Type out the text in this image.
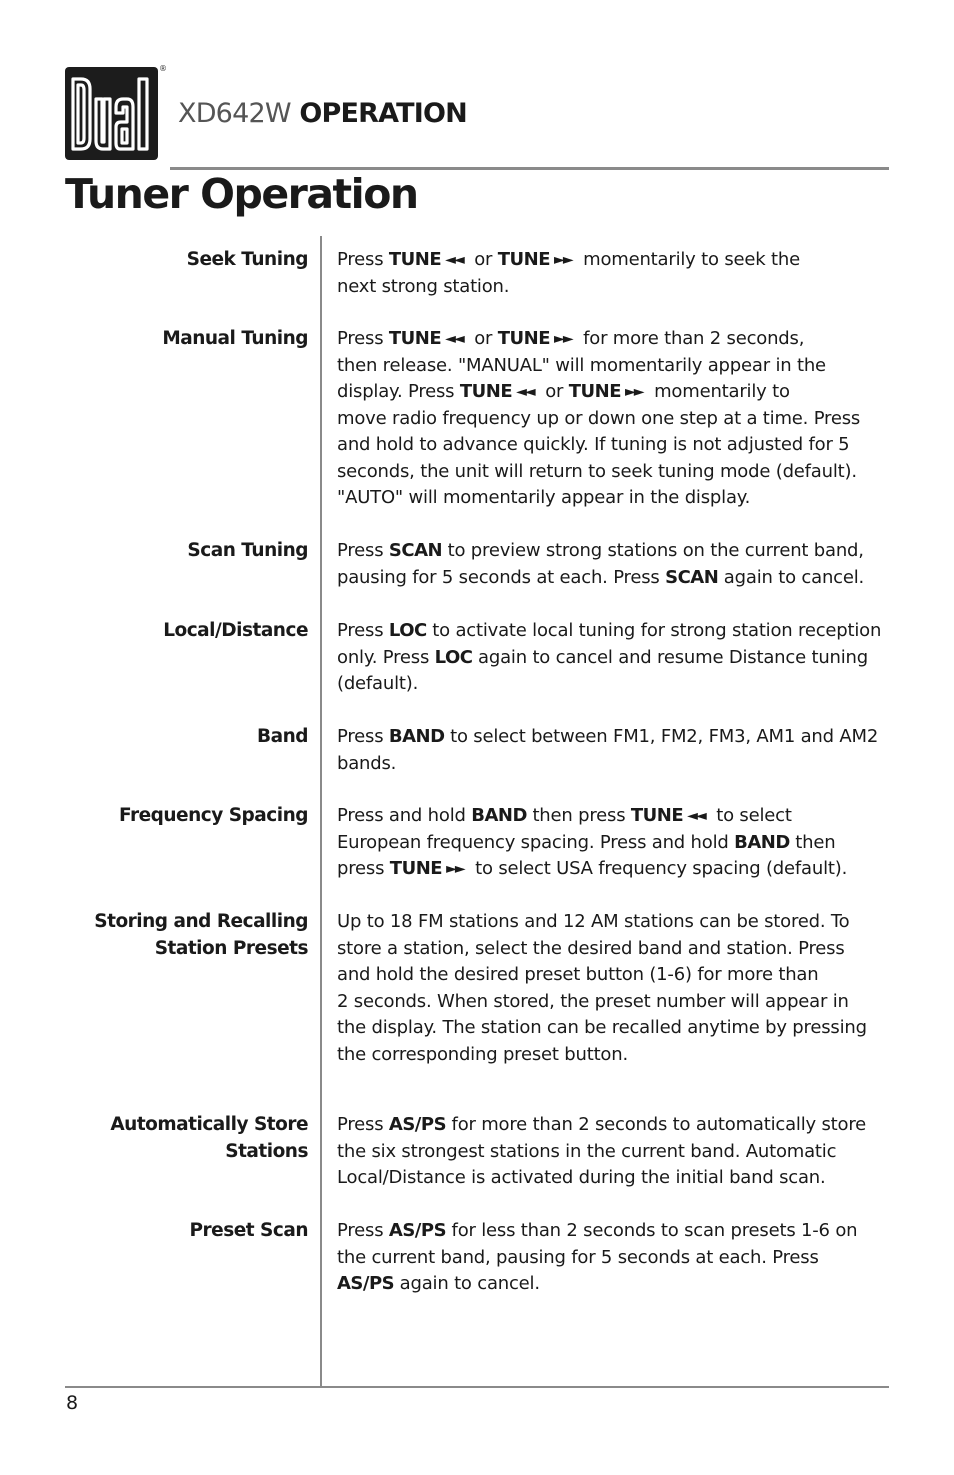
®
XD642W OPERATION
Tuner Operation
Seek Tuning Press TUNE ◄◄ or TUNE ►► momentarily to seek the
next strong station.
Manual Tuning Press TUNE ◄◄ or TUNE ►► for more than 2 seconds,
then release. "MANUAL" will momentarily appear in the
display. Press TUNE ◄◄ or TUNE ►► momentarily to
move radio frequency up or down one step at a time. Press
and hold to advance quickly. If tuning is not adjusted for 5
seconds, the unit will return to seek tuning mode (default).
"AUTO" will momentarily appear in the display.
Scan Tuning Press SCAN to preview strong stations on the current band,
pausing for 5 seconds at each. Press SCAN again to cancel.
Local/Distance Press LOC to activate local tuning for strong station reception
only. Press LOC again to cancel and resume Distance tuning
(default).
Band Press BAND to select between FM1, FM2, FM3, AM1 and AM2
bands.
Frequency Spacing Press and hold BAND then press TUNE ◄◄ to select
European frequency spacing. Press and hold BAND then
press TUNE ►► to select USA frequency spacing (default).
Storing and Recalling
Station Presets
Up to 18 FM stations and 12 AM stations can be stored. To
store a station, select the desired band and station. Press
and hold the desired preset button (1-6) for more than
2 seconds. When stored, the preset number will appear in
the display. The station can be recalled anytime by pressing
the corresponding preset button.
Automatically Store
Stations
Press AS/PS for more than 2 seconds to automatically store
the six strongest stations in the current band. Automatic
Local/Distance is activated during the initial band scan.
Preset Scan Press AS/PS for less than 2 seconds to scan presets 1-6 on
the current band, pausing for 5 seconds at each. Press
AS/PS again to cancel.
8
